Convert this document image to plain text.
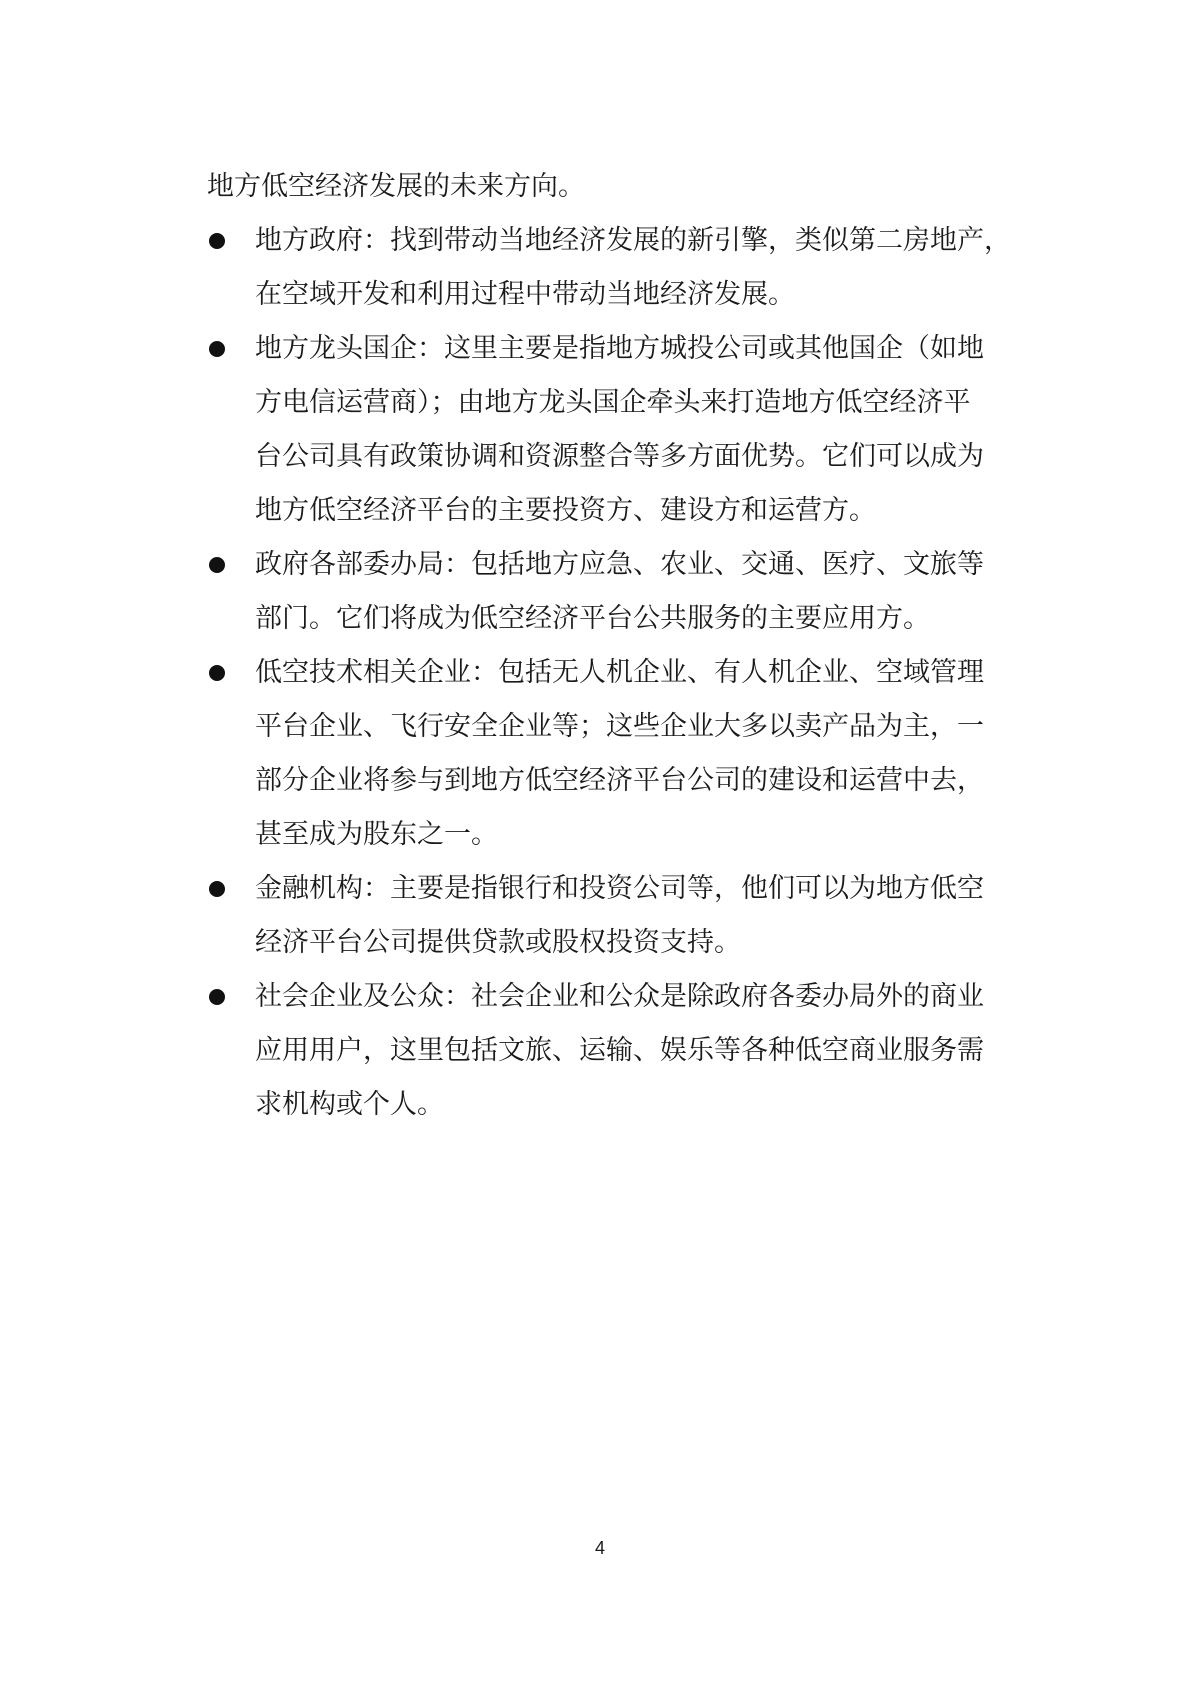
地方低空经济发展的未来方向。
地方政府：找到带动当地经济发展的新引擎，类似第二房地产，
在空域开发和利用过程中带动当地经济发展。
地方龙头国企：这里主要是指地方城投公司或其他国企（如地
方电信运营商）；由地方龙头国企牵头来打造地方低空经济平
台公司具有政策协调和资源整合等多方面优势。它们可以成为
地方低空经济平台的主要投资方、建设方和运营方。
政府各部委办局：包括地方应急、农业、交通、医疗、文旅等
部门。它们将成为低空经济平台公共服务的主要应用方。
低空技术相关企业：包括无人机企业、有人机企业、空域管理
平台企业、飞行安全企业等；这些企业大多以卖产品为主，一
部分企业将参与到地方低空经济平台公司的建设和运营中去，
甚至成为股东之一。
金融机构：主要是指银行和投资公司等，他们可以为地方低空
经济平台公司提供贷款或股权投资支持。
社会企业及公众：社会企业和公众是除政府各委办局外的商业
应用用户，这里包括文旅、运输、娱乐等各种低空商业服务需
求机构或个人。
4
